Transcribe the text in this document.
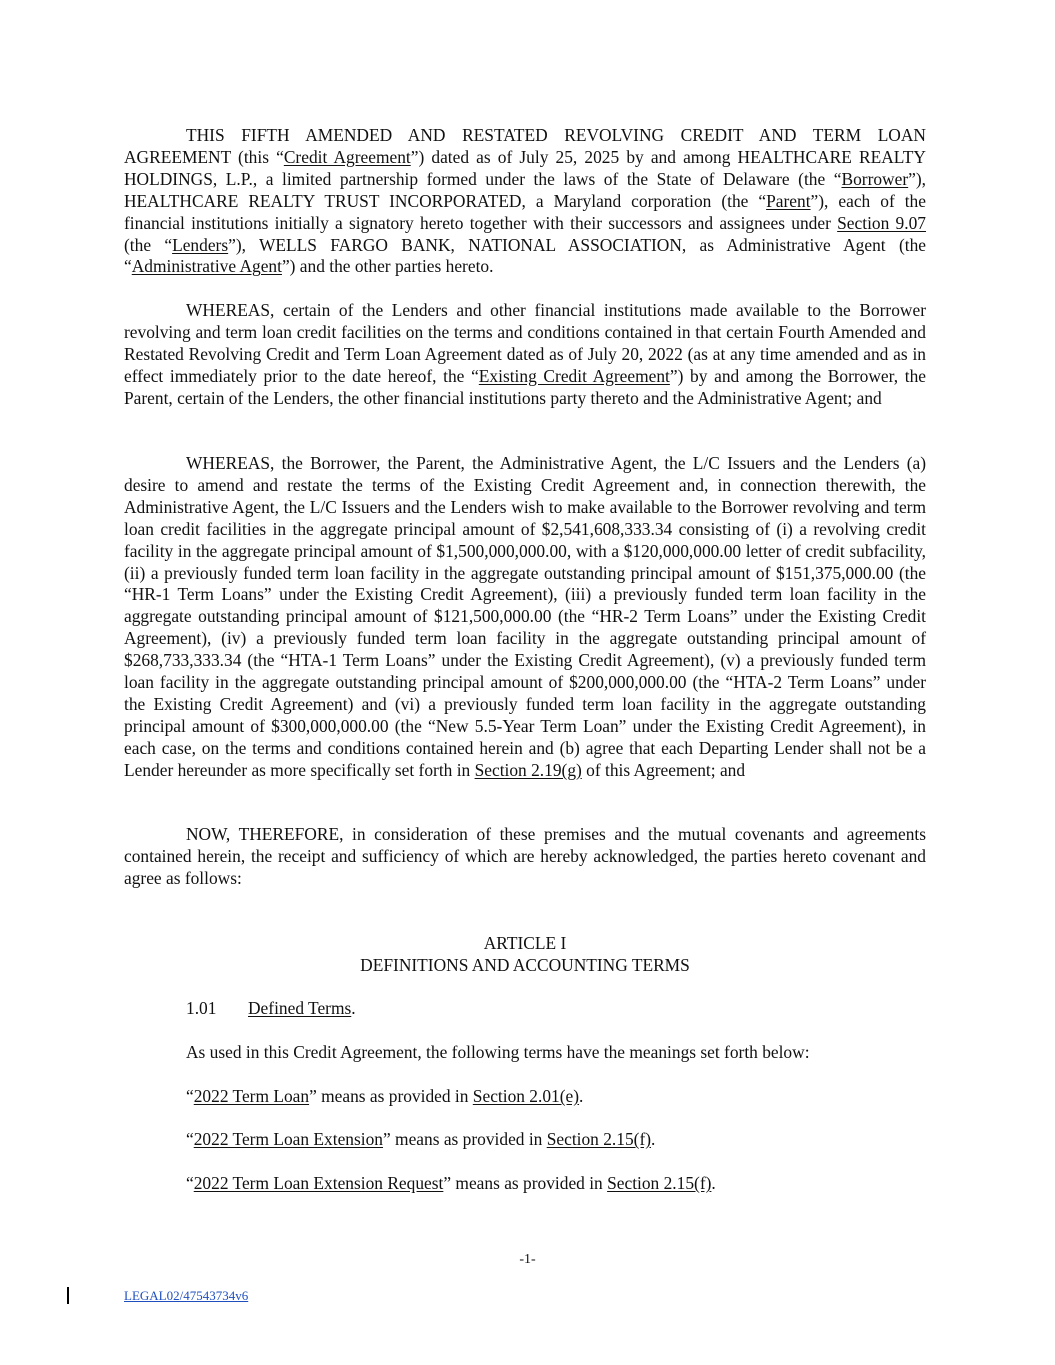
THIS FIFTH AMENDED AND RESTATED REVOLVING CREDIT AND TERM LOAN AGREEMENT (this “Credit Agreement”) dated as of July 25, 2025 by and among HEALTHCARE REALTY HOLDINGS, L.P., a limited partnership formed under the laws of the State of Delaware (the “Borrower”), HEALTHCARE REALTY TRUST INCORPORATED, a Maryland corporation (the “Parent”), each of the financial institutions initially a signatory hereto together with their successors and assignees under Section 9.07 (the “Lenders”), WELLS FARGO BANK, NATIONAL ASSOCIATION, as Administrative Agent (the “Administrative Agent”) and the other parties hereto.

WHEREAS, certain of the Lenders and other financial institutions made available to the Borrower revolving and term loan credit facilities on the terms and conditions contained in that certain Fourth Amended and Restated Revolving Credit and Term Loan Agreement dated as of July 20, 2022 (as at any time amended and as in effect immediately prior to the date hereof, the “Existing Credit Agreement”) by and among the Borrower, the Parent, certain of the Lenders, the other financial institutions party thereto and the Administrative Agent; and

WHEREAS, the Borrower, the Parent, the Administrative Agent, the L/C Issuers and the Lenders (a) desire to amend and restate the terms of the Existing Credit Agreement and, in connection therewith, the Administrative Agent, the L/C Issuers and the Lenders wish to make available to the Borrower revolving and term loan credit facilities in the aggregate principal amount of $2,541,608,333.34 consisting of (i) a revolving credit facility in the aggregate principal amount of $1,500,000,000.00, with a $120,000,000.00 letter of credit subfacility, (ii) a previously funded term loan facility in the aggregate outstanding principal amount of $151,375,000.00 (the “HR-1 Term Loans” under the Existing Credit Agreement), (iii) a previously funded term loan facility in the aggregate outstanding principal amount of $121,500,000.00 (the “HR-2 Term Loans” under the Existing Credit Agreement), (iv) a previously funded term loan facility in the aggregate outstanding principal amount of $268,733,333.34 (the “HTA-1 Term Loans” under the Existing Credit Agreement), (v) a previously funded term loan facility in the aggregate outstanding principal amount of $200,000,000.00 (the “HTA-2 Term Loans” under the Existing Credit Agreement) and (vi) a previously funded term loan facility in the aggregate outstanding principal amount of $300,000,000.00 (the “New 5.5-Year Term Loan” under the Existing Credit Agreement), in each case, on the terms and conditions contained herein and (b) agree that each Departing Lender shall not be a Lender hereunder as more specifically set forth in Section 2.19(g) of this Agreement; and

NOW, THEREFORE, in consideration of these premises and the mutual covenants and agreements contained herein, the receipt and sufficiency of which are hereby acknowledged, the parties hereto covenant and agree as follows:

ARTICLE I
DEFINITIONS AND ACCOUNTING TERMS
1.01 Defined Terms.
As used in this Credit Agreement, the following terms have the meanings set forth below:
“2022 Term Loan” means as provided in Section 2.01(e).
“2022 Term Loan Extension” means as provided in Section 2.15(f).
“2022 Term Loan Extension Request” means as provided in Section 2.15(f).
-1-
LEGAL02/47543734v6
